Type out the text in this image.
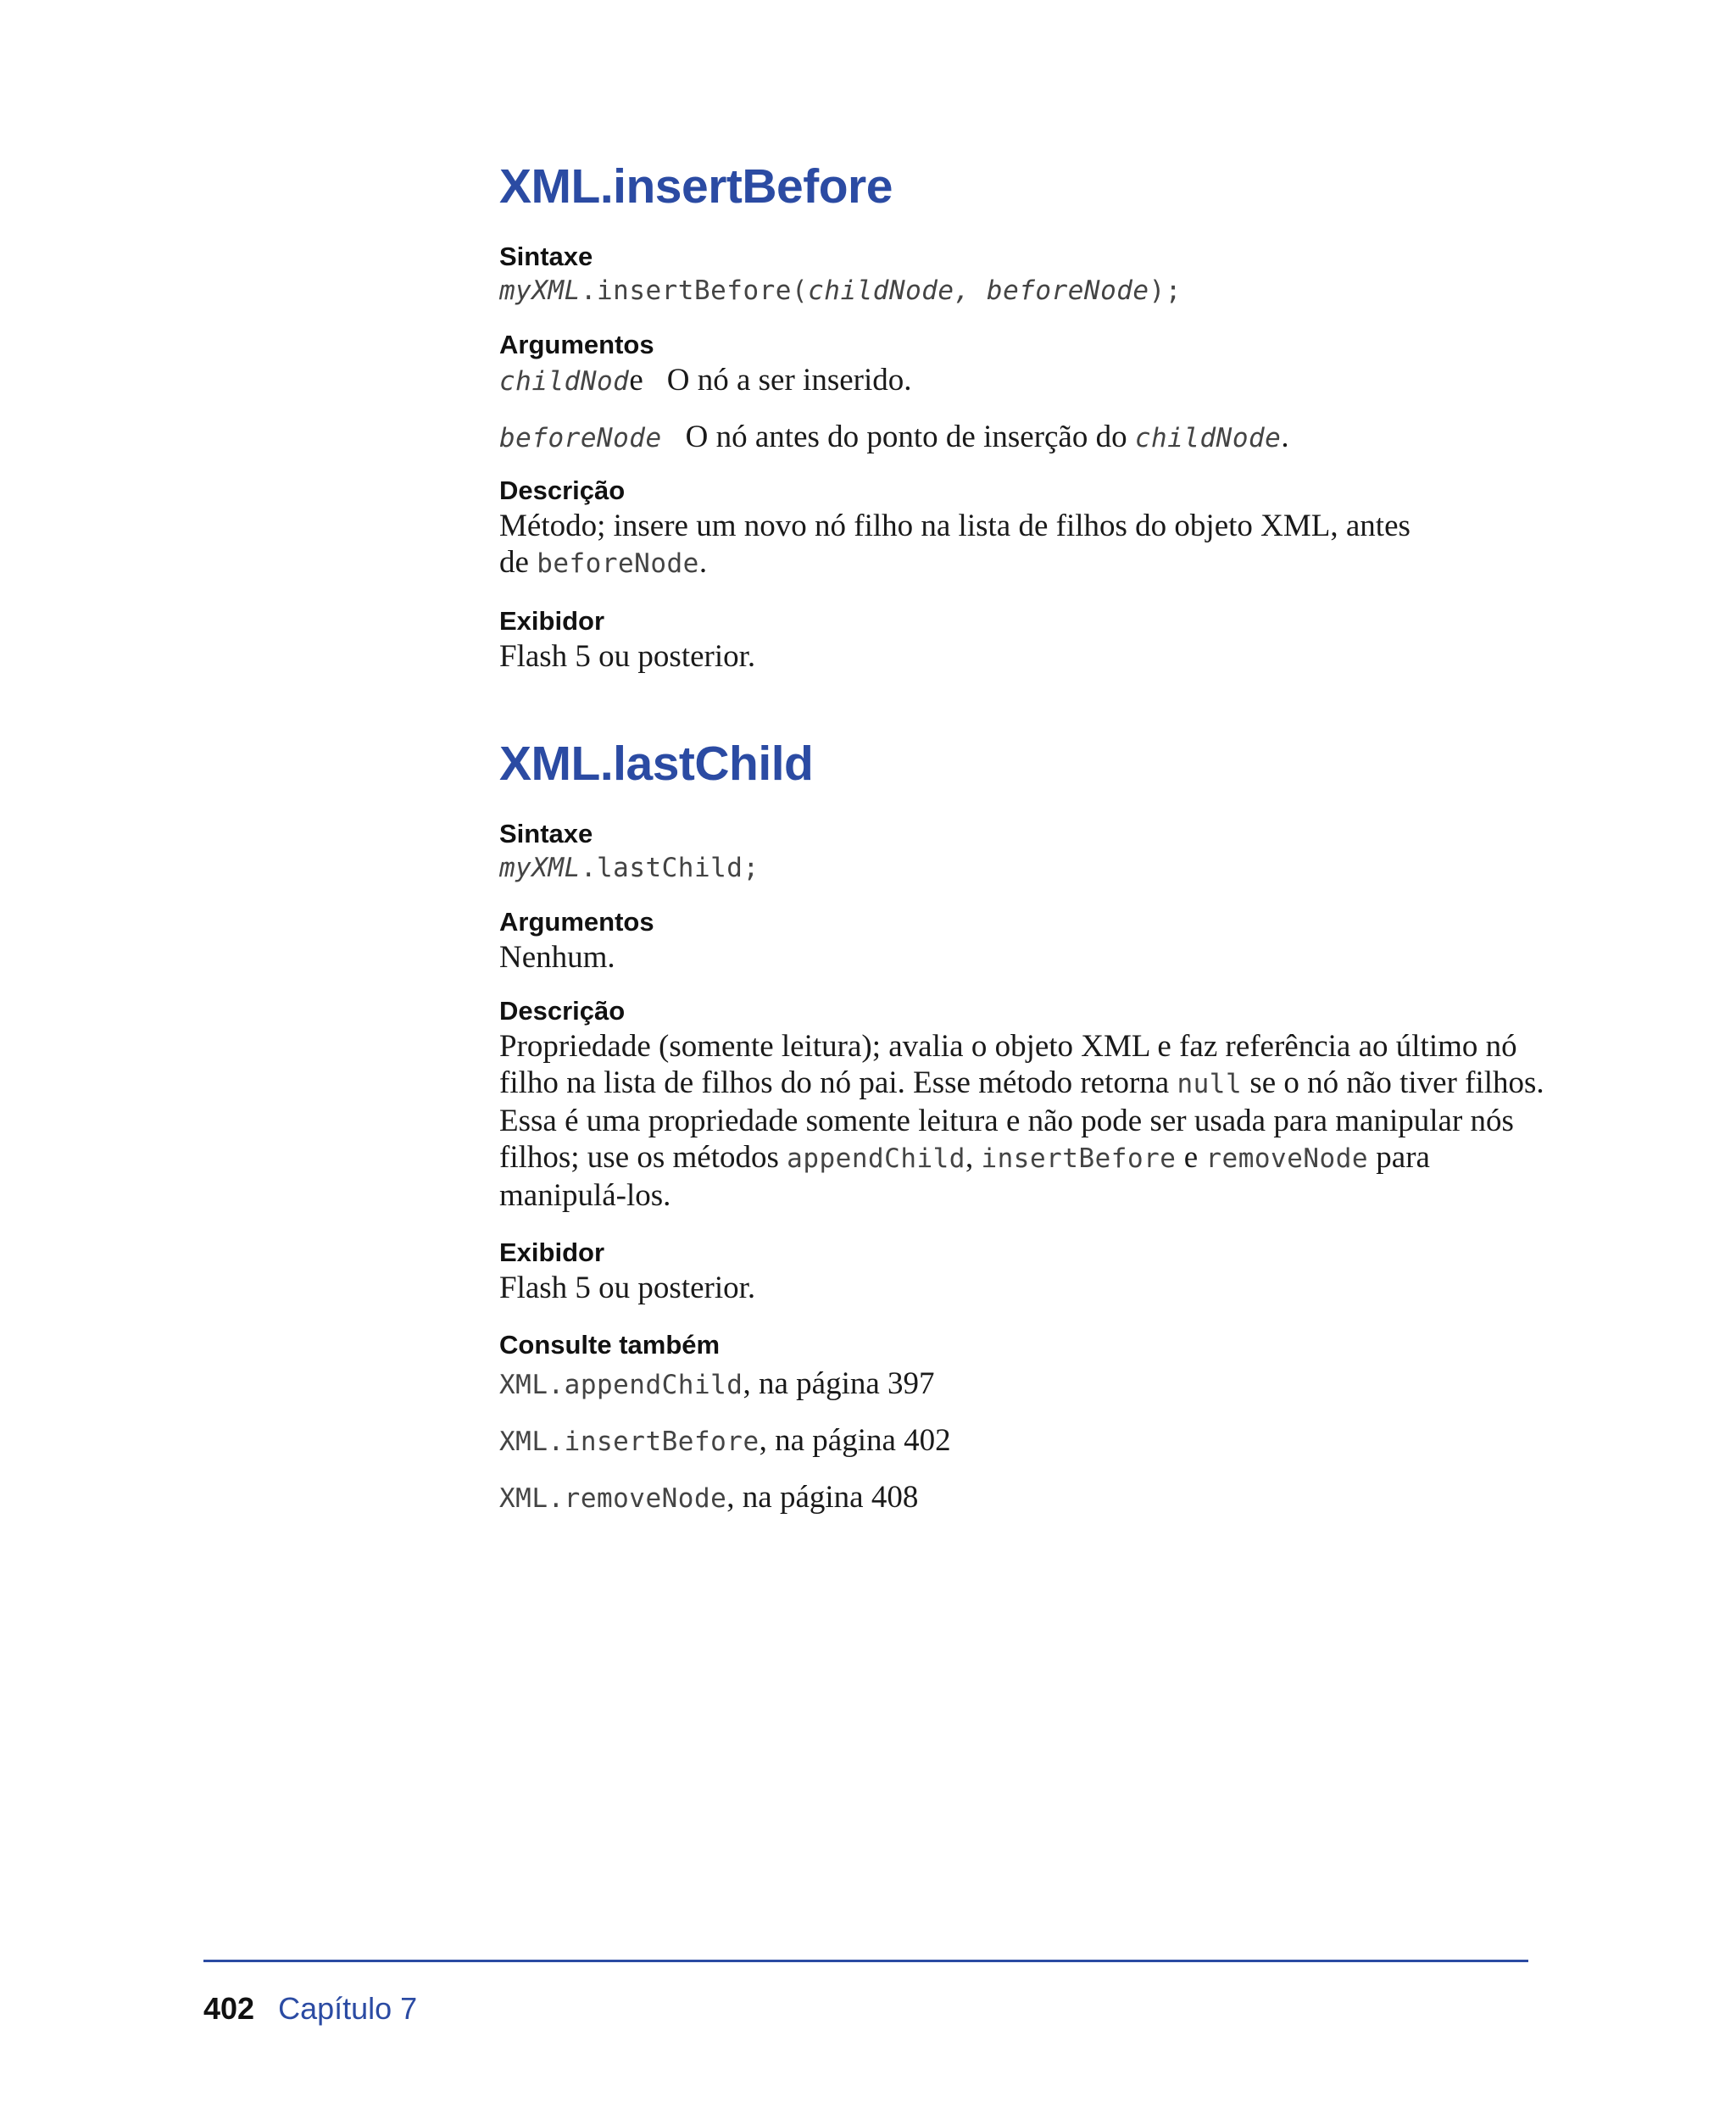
XML.insertBefore

Sintaxe

myXML.insertBefore(childNode, beforeNode);

Argumentos

childNode O nó a ser inserido.

beforeNode O nó antes do ponto de inserção do childNode.

Descrição

Método; insere um novo nó filho na lista de filhos do objeto XML, antes
de beforeNode.

Exibidor

Flash 5 ou posterior.

XML.lastChild

Sintaxe

myXML.lastChild;

Argumentos

Nenhum.

Descrição

Propriedade (somente leitura); avalia o objeto XML e faz referência ao último nó
filho na lista de filhos do nó pai. Esse método retorna null se o nó não tiver filhos.
Essa é uma propriedade somente leitura e não pode ser usada para manipular nós
filhos; use os métodos appendChild, insertBefore e removeNode para
manipulá-los.

Exibidor

Flash 5 ou posterior.

Consulte também

XML.appendChild, na página 397

XML.insertBefore, na página 402

XML.removeNode, na página 408

402 Capítulo 7
